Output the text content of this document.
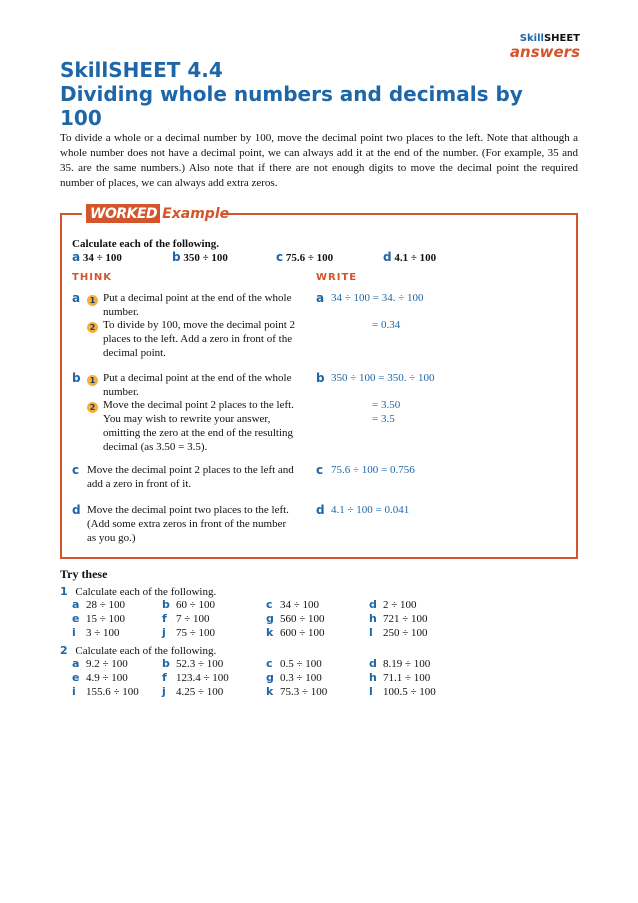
SkillSHEET
answers
SkillSHEET 4.4
Dividing whole numbers and decimals by
100
To divide a whole or a decimal number by 100, move the decimal point two places to the left. Note that although a whole number does not have a decimal point, we can always add it at the end of the number. (For example, 35 and 35. are the same numbers.) Also note that if there are not enough digits to move the decimal point the required number of places, we can always add extra zeros.
WORKED Example
Calculate each of the following.
a 34 ÷ 100	b 350 ÷ 100	c 75.6 ÷ 100	d 4.1 ÷ 100
THINK	WRITE
a	1 Put a decimal point at the end of the whole
number.
2 To divide by 100, move the decimal point 2
places to the left. Add a zero in front of the
decimal point.
a 34 ÷ 100 = 34. ÷ 100
= 0.34
b	1 Put a decimal point at the end of the whole
number.
2 Move the decimal point 2 places to the left.
You may wish to rewrite your answer,
omitting the zero at the end of the resulting
decimal (as 3.50 = 3.5).
b 350 ÷ 100 = 350. ÷ 100
= 3.50
= 3.5
c Move the decimal point 2 places to the left and
add a zero in front of it.
c 75.6 ÷ 100 = 0.756
d Move the decimal point two places to the left.
(Add some extra zeros in front of the number
as you go.)
d 4.1 ÷ 100 = 0.041
Try these
1 Calculate each of the following.
a 28 ÷ 100	b 60 ÷ 100	c 34 ÷ 100	d 2 ÷ 100
e 15 ÷ 100	f 7 ÷ 100	g 560 ÷ 100	h 721 ÷ 100
i 3 ÷ 100	j 75 ÷ 100	k 600 ÷ 100	l 250 ÷ 100
2 Calculate each of the following.
a 9.2 ÷ 100	b 52.3 ÷ 100	c 0.5 ÷ 100	d 8.19 ÷ 100
e 4.9 ÷ 100	f 123.4 ÷ 100	g 0.3 ÷ 100	h 71.1 ÷ 100
i 155.6 ÷ 100 j 4.25 ÷ 100	k 75.3 ÷ 100	l 100.5 ÷ 100
